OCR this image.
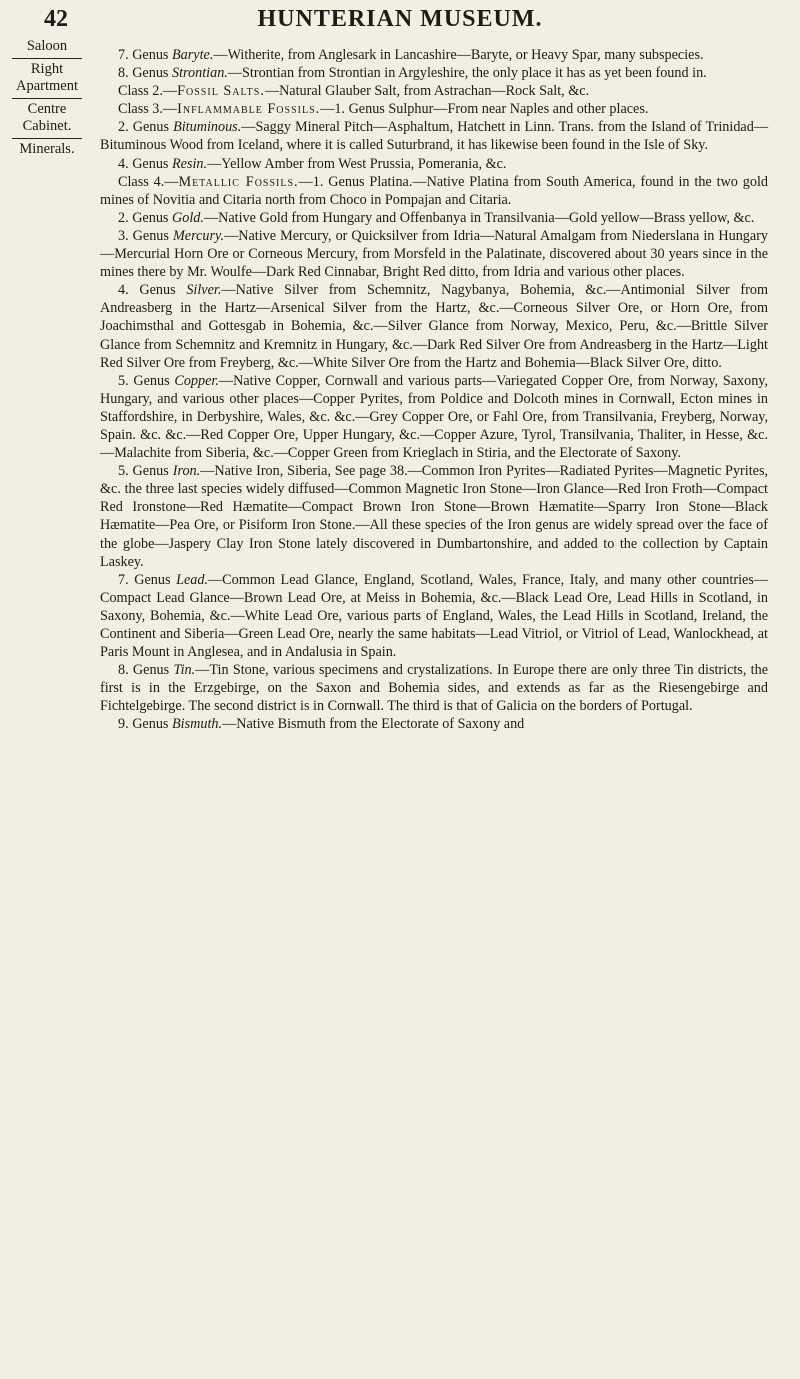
42	HUNTERIAN MUSEUM.
Saloon
Right Apartment
Centre Cabinet.
Minerals.

7. Genus Baryte.—Witherite, from Anglesark in Lancashire—Baryte, or Heavy Spar, many subspecies.

8. Genus Strontian.—Strontian from Strontian in Argyleshire, the only place it has as yet been found in.

Class 2.—Fossil Salts.—Natural Glauber Salt, from Astrachan—Rock Salt, &c.

Class 3.—Inflammable Fossils.—1. Genus Sulphur—From near Naples and other places.

2. Genus Bituminous.—Saggy Mineral Pitch—Asphaltum, Hatchett in Linn. Trans. from the Island of Trinidad—Bituminous Wood from Iceland, where it is called Suturbrand, it has likewise been found in the Isle of Sky.

4. Genus Resin.—Yellow Amber from West Prussia, Pomerania, &c.

Class 4.—Metallic Fossils.—1. Genus Platina.—Native Platina from South America, found in the two gold mines of Novitia and Citaria north from Choco in Pompajan and Citaria.

2. Genus Gold.—Native Gold from Hungary and Offenbanya in Transilvania—Gold yellow—Brass yellow, &c.

3. Genus Mercury.—Native Mercury, or Quicksilver from Idria—Natural Amalgam from Niederslana in Hungary—Mercurial Horn Ore or Corneous Mercury, from Morsfeld in the Palatinate, discovered about 30 years since in the mines there by Mr. Woulfe—Dark Red Cinnabar, Bright Red ditto, from Idria and various other places.

4. Genus Silver.—Native Silver from Schemnitz, Nagybanya, Bohemia, &c.—Antimonial Silver from Andreasberg in the Hartz—Arsenical Silver from the Hartz, &c.—Corneous Silver Ore, or Horn Ore, from Joachimsthal and Gottesgab in Bohemia, &c.—Silver Glance from Norway, Mexico, Peru, &c.—Brittle Silver Glance from Schemnitz and Kremnitz in Hungary, &c.—Dark Red Silver Ore from Andreasberg in the Hartz—Light Red Silver Ore from Freyberg, &c.—White Silver Ore from the Hartz and Bohemia—Black Silver Ore, ditto.

5. Genus Copper.—Native Copper, Cornwall and various parts—Variegated Copper Ore, from Norway, Saxony, Hungary, and various other places—Copper Pyrites, from Poldice and Dolcoth mines in Cornwall, Ecton mines in Staffordshire, in Derbyshire, Wales, &c. &c.—Grey Copper Ore, or Fahl Ore, from Transilvania, Freyberg, Norway, Spain. &c. &c.—Red Copper Ore, Upper Hungary, &c.—Copper Azure, Tyrol, Transilvania, Thaliter, in Hesse, &c.—Malachite from Siberia, &c.—Copper Green from Krieglach in Stiria, and the Electorate of Saxony.

5. Genus Iron.—Native Iron, Siberia, See page 38.—Common Iron Pyrites—Radiated Pyrites—Magnetic Pyrites, &c. the three last species widely diffused—Common Magnetic Iron Stone—Iron Glance—Red Iron Froth—Compact Red Ironstone—Red Hæmatite—Compact Brown Iron Stone—Brown Hæmatite—Sparry Iron Stone—Black Hæmatite—Pea Ore, or Pisiform Iron Stone.—All these species of the Iron genus are widely spread over the face of the globe—Jaspery Clay Iron Stone lately discovered in Dumbartonshire, and added to the collection by Captain Laskey.

7. Genus Lead.—Common Lead Glance, England, Scotland, Wales, France, Italy, and many other countries—Compact Lead Glance—Brown Lead Ore, at Meiss in Bohemia, &c.—Black Lead Ore, Lead Hills in Scotland, in Saxony, Bohemia, &c.—White Lead Ore, various parts of England, Wales, the Lead Hills in Scotland, Ireland, the Continent and Siberia—Green Lead Ore, nearly the same habitats—Lead Vitriol, or Vitriol of Lead, Wanlockhead, at Paris Mount in Anglesea, and in Andalusia in Spain.

8. Genus Tin.—Tin Stone, various specimens and crystalizations. In Europe there are only three Tin districts, the first is in the Erzgebirge, on the Saxon and Bohemia sides, and extends as far as the Riesengebirge and Fichtelgebirge. The second district is in Cornwall. The third is that of Galicia on the borders of Portugal.

9. Genus Bismuth.—Native Bismuth from the Electorate of Saxony and
